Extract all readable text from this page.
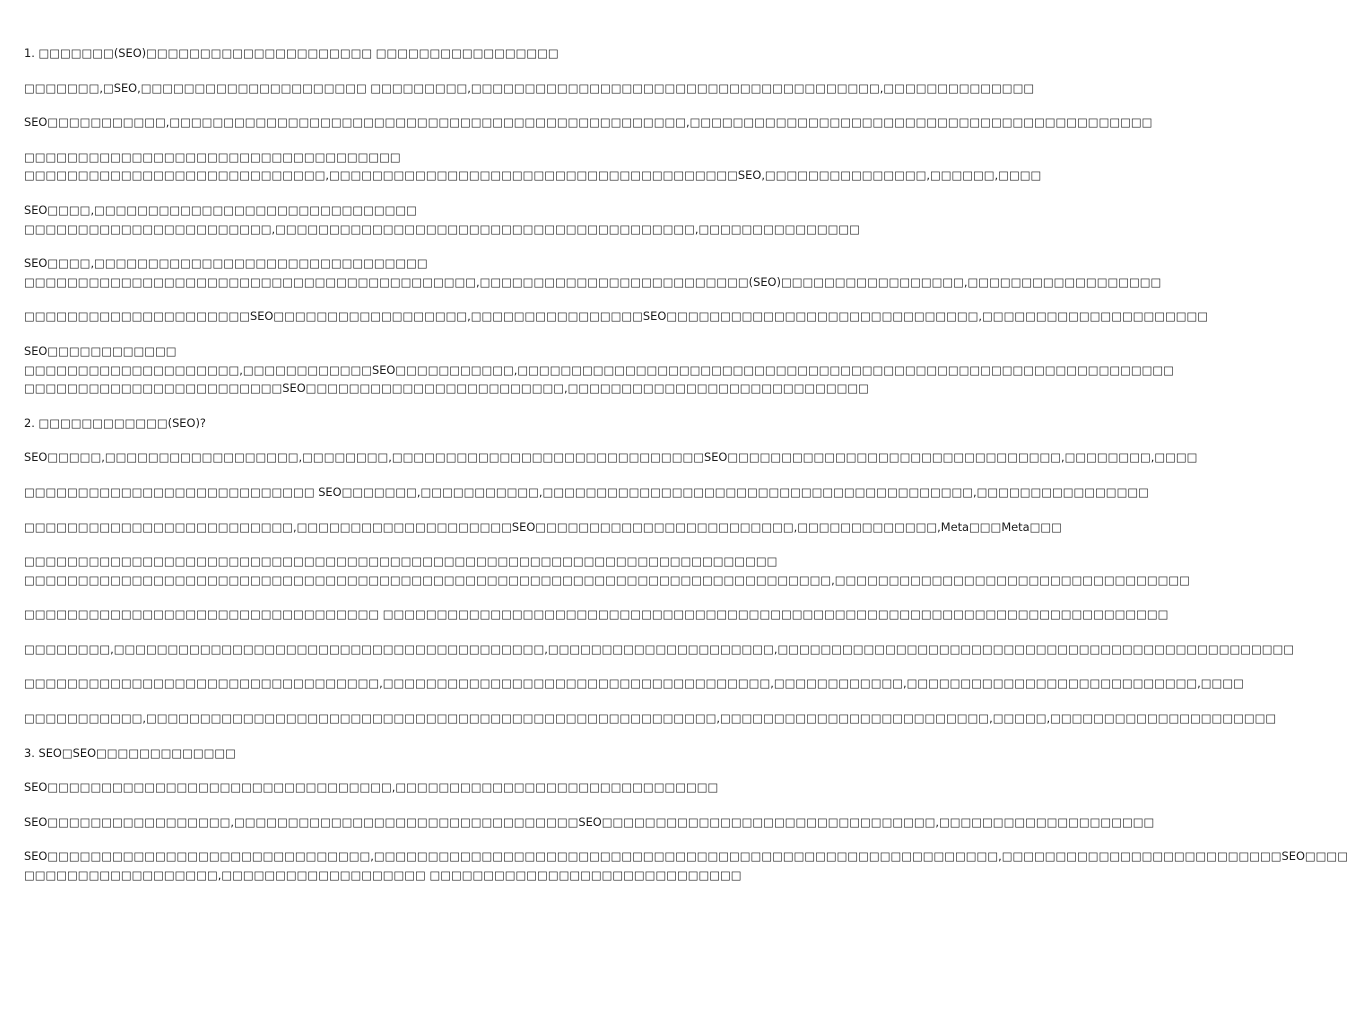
1. □□□□□□□(SEO)□□□□□□□□□□□□□□□□□□□□□ □□□□□□□□□□□□□□□□□
□□□□□□□,□SEO,□□□□□□□□□□□□□□□□□□□□□ □□□□□□□□□,□□□□□□□□□□□□□□□□□□□□□□□□□□□□□□□□□□□□□□,□□□□□□□□□□□□□□
SEO□□□□□□□□□□□,□□□□□□□□□□□□□□□□□□□□□□□□□□□□□□□□□□□□□□□□□□□□□□□□,□□□□□□□□□□□□□□□□□□□□□□□□□□□□□□□□□□□□□□□□□□□
□□□□□□□□□□□□□□□□□□□□□□□□□□□□□□□□□□□
□□□□□□□□□□□□□□□□□□□□□□□□□□□□,□□□□□□□□□□□□□□□□□□□□□□□□□□□□□□□□□□□□□□SEO,□□□□□□□□□□□□□□□,□□□□□□,□□□□
SEO□□□□,□□□□□□□□□□□□□□□□□□□□□□□□□□□□□□
□□□□□□□□□□□□□□□□□□□□□□□,□□□□□□□□□□□□□□□□□□□□□□□□□□□□□□□□□□□□□□□,□□□□□□□□□□□□□□□
SEO□□□□,□□□□□□□□□□□□□□□□□□□□□□□□□□□□□□□
□□□□□□□□□□□□□□□□□□□□□□□□□□□□□□□□□□□□□□□□□□,□□□□□□□□□□□□□□□□□□□□□□□□□(SEO)□□□□□□□□□□□□□□□□□,□□□□□□□□□□□□□□□□□□
□□□□□□□□□□□□□□□□□□□□□SEO□□□□□□□□□□□□□□□□□□,□□□□□□□□□□□□□□□□SEO□□□□□□□□□□□□□□□□□□□□□□□□□□□□□,□□□□□□□□□□□□□□□□□□□□□
SEO□□□□□□□□□□□□
□□□□□□□□□□□□□□□□□□□□,□□□□□□□□□□□□SEO□□□□□□□□□□□,□□□□□□□□□□□□□□□□□□□□□□□□□□□□□□□□□□□□□□□□□□□□□□□□□□□□□□□□□□□□□
□□□□□□□□□□□□□□□□□□□□□□□□SEO□□□□□□□□□□□□□□□□□□□□□□□□,□□□□□□□□□□□□□□□□□□□□□□□□□□□□
2. □□□□□□□□□□□□(SEO)?
SEO□□□□□,□□□□□□□□□□□□□□□□□□,□□□□□□□□,□□□□□□□□□□□□□□□□□□□□□□□□□□□□□SEO□□□□□□□□□□□□□□□□□□□□□□□□□□□□□□□,□□□□□□□□,□□□□
□□□□□□□□□□□□□□□□□□□□□□□□□□□ SEO□□□□□□□,□□□□□□□□□□□,□□□□□□□□□□□□□□□□□□□□□□□□□□□□□□□□□□□□□□□□,□□□□□□□□□□□□□□□□
□□□□□□□□□□□□□□□□□□□□□□□□□,□□□□□□□□□□□□□□□□□□□□SEO□□□□□□□□□□□□□□□□□□□□□□□□,□□□□□□□□□□□□□,Meta□□□Meta□□□
□□□□□□□□□□□□□□□□□□□□□□□□□□□□□□□□□□□□□□□□□□□□□□□□□□□□□□□□□□□□□□□□□□□□□□
□□□□□□□□□□□□□□□□□□□□□□□□□□□□□□□□□□□□□□□□□□□□□□□□□□□□□□□□□□□□□□□□□□□□□□□□□□□,□□□□□□□□□□□□□□□□□□□□□□□□□□□□□□□□□
□□□□□□□□□□□□□□□□□□□□□□□□□□□□□□□□□ □□□□□□□□□□□□□□□□□□□□□□□□□□□□□□□□□□□□□□□□□□□□□□□□□□□□□□□□□□□□□□□□□□□□□□□□□
□□□□□□□□,□□□□□□□□□□□□□□□□□□□□□□□□□□□□□□□□□□□□□□□□,□□□□□□□□□□□□□□□□□□□□□,□□□□□□□□□□□□□□□□□□□□□□□□□□□□□□□□□□□□□□□□□□□□□□□□
□□□□□□□□□□□□□□□□□□□□□□□□□□□□□□□□□,□□□□□□□□□□□□□□□□□□□□□□□□□□□□□□□□□□□□,□□□□□□□□□□□□,□□□□□□□□□□□□□□□□□□□□□□□□□□□,□□□□
□□□□□□□□□□□,□□□□□□□□□□□□□□□□□□□□□□□□□□□□□□□□□□□□□□□□□□□□□□□□□□□□□,□□□□□□□□□□□□□□□□□□□□□□□□□,□□□□□,□□□□□□□□□□□□□□□□□□□□□
3. SEO□SEO□□□□□□□□□□□□□
SEO□□□□□□□□□□□□□□□□□□□□□□□□□□□□□□□□,□□□□□□□□□□□□□□□□□□□□□□□□□□□□□□
SEO□□□□□□□□□□□□□□□□□,□□□□□□□□□□□□□□□□□□□□□□□□□□□□□□□□SEO□□□□□□□□□□□□□□□□□□□□□□□□□□□□□□□,□□□□□□□□□□□□□□□□□□□□
SEO□□□□□□□□□□□□□□□□□□□□□□□□□□□□□□,□□□□□□□□□□□□□□□□□□□□□□□□□□□□□□□□□□□□□□□□□□□□□□□□□□□□□□□□□□,□□□□□□□□□□□□□□□□□□□□□□□□□□SEO□□□□
□□□□□□□□□□□□□□□□□□,□□□□□□□□□□□□□□□□□□□ □□□□□□□□□□□□□□□□□□□□□□□□□□□□□
